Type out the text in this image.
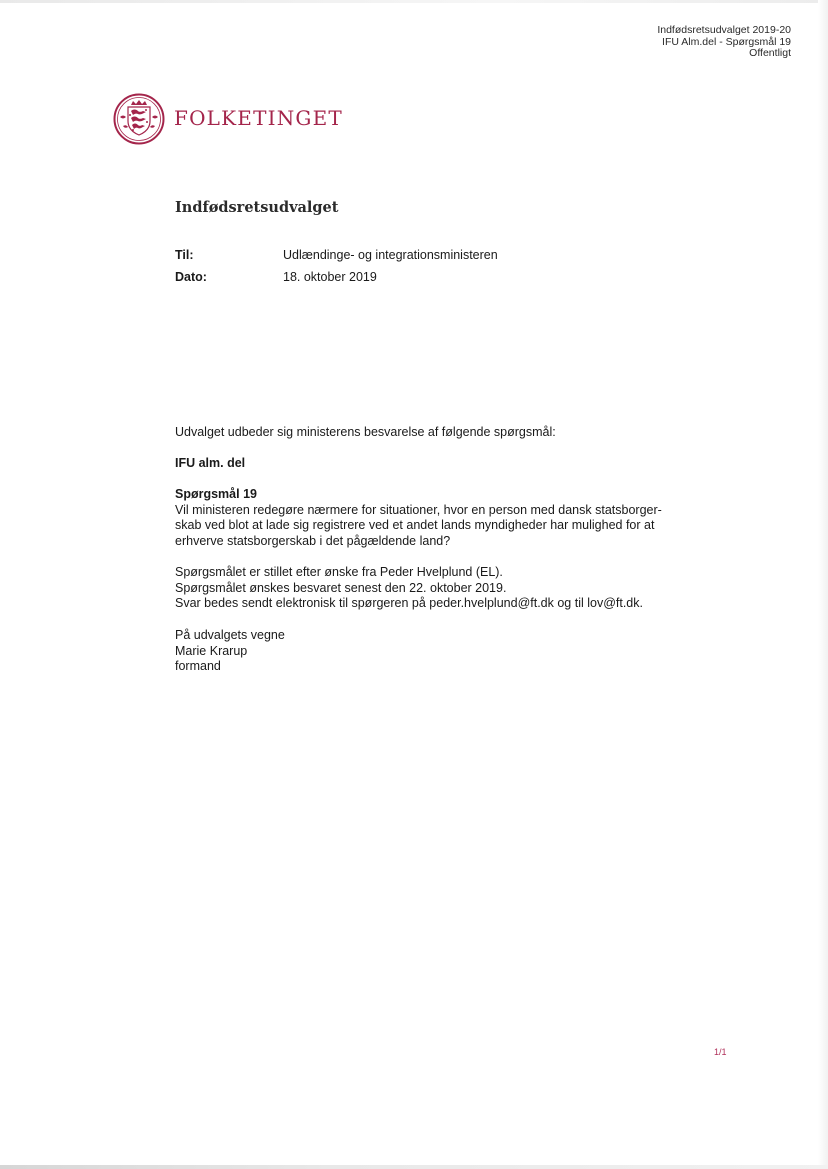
Indfødsretsudvalget 2019-20
IFU Alm.del - Spørgsmål 19
Offentligt
FOLKETINGET
Indfødsretsudvalget
Til:	Udlændinge- og integrationsministeren
Dato:	18. oktober 2019
Udvalget udbeder sig ministerens besvarelse af følgende spørgsmål:
IFU alm. del
Spørgsmål 19
Vil ministeren redegøre nærmere for situationer, hvor en person med dansk statsborger-
skab ved blot at lade sig registrere ved et andet lands myndigheder har mulighed for at
erhverve statsborgerskab i det pågældende land?
Spørgsmålet er stillet efter ønske fra Peder Hvelplund (EL).
Spørgsmålet ønskes besvaret senest den 22. oktober 2019.
Svar bedes sendt elektronisk til spørgeren på peder.hvelplund@ft.dk og til lov@ft.dk.
På udvalgets vegne
Marie Krarup
formand
1/1
